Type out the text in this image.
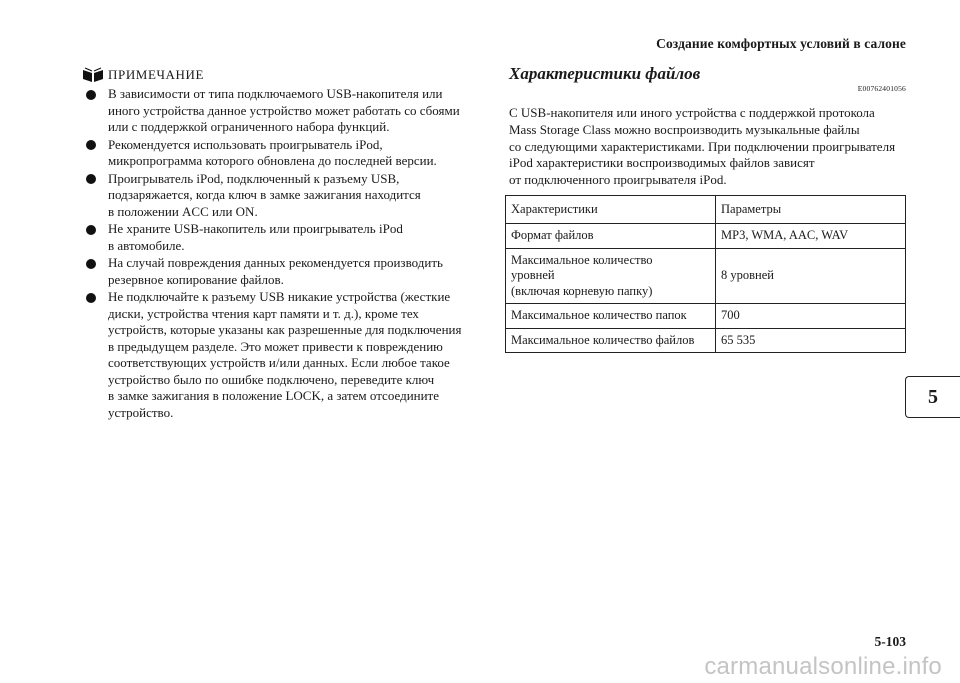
Создание комфортных условий в салоне
ПРИМЕЧАНИЕ
В зависимости от типа подключаемого USB-накопителя или
иного устройства данное устройство может работать со сбоями
или с поддержкой ограниченного набора функций.
Рекомендуется использовать проигрыватель iPod,
микропрограмма которого обновлена до последней версии.
Проигрыватель iPod, подключенный к разъему USB,
подзаряжается, когда ключ в замке зажигания находится
в положении ACC или ON.
Не храните USB-накопитель или проигрыватель iPod
в автомобиле.
На случай повреждения данных рекомендуется производить
резервное копирование файлов.
Не подключайте к разъему USB никакие устройства (жесткие
диски, устройства чтения карт памяти и т. д.), кроме тех
устройств, которые указаны как разрешенные для подключения
в предыдущем разделе. Это может привести к повреждению
соответствующих устройств и/или данных. Если любое такое
устройство было по ошибке подключено, переведите ключ
в замке зажигания в положение LOCK, а затем отсоедините
устройство.
Характеристики файлов
E00762401056
С USB-накопителя или иного устройства с поддержкой протокола
Mass Storage Class можно воспроизводить музыкальные файлы
со следующими характеристиками. При подключении проигрывателя
iPod характеристики воспроизводимых файлов зависят
от подключенного проигрывателя iPod.
Характеристики	Параметры
Формат файлов	MP3, WMA, AAC, WAV
Максимальное количество
уровней
(включая корневую папку)	8 уровней
Максимальное количество папок	700
Максимальное количество файлов	65 535
5
5-103
carmanualsonline.info
